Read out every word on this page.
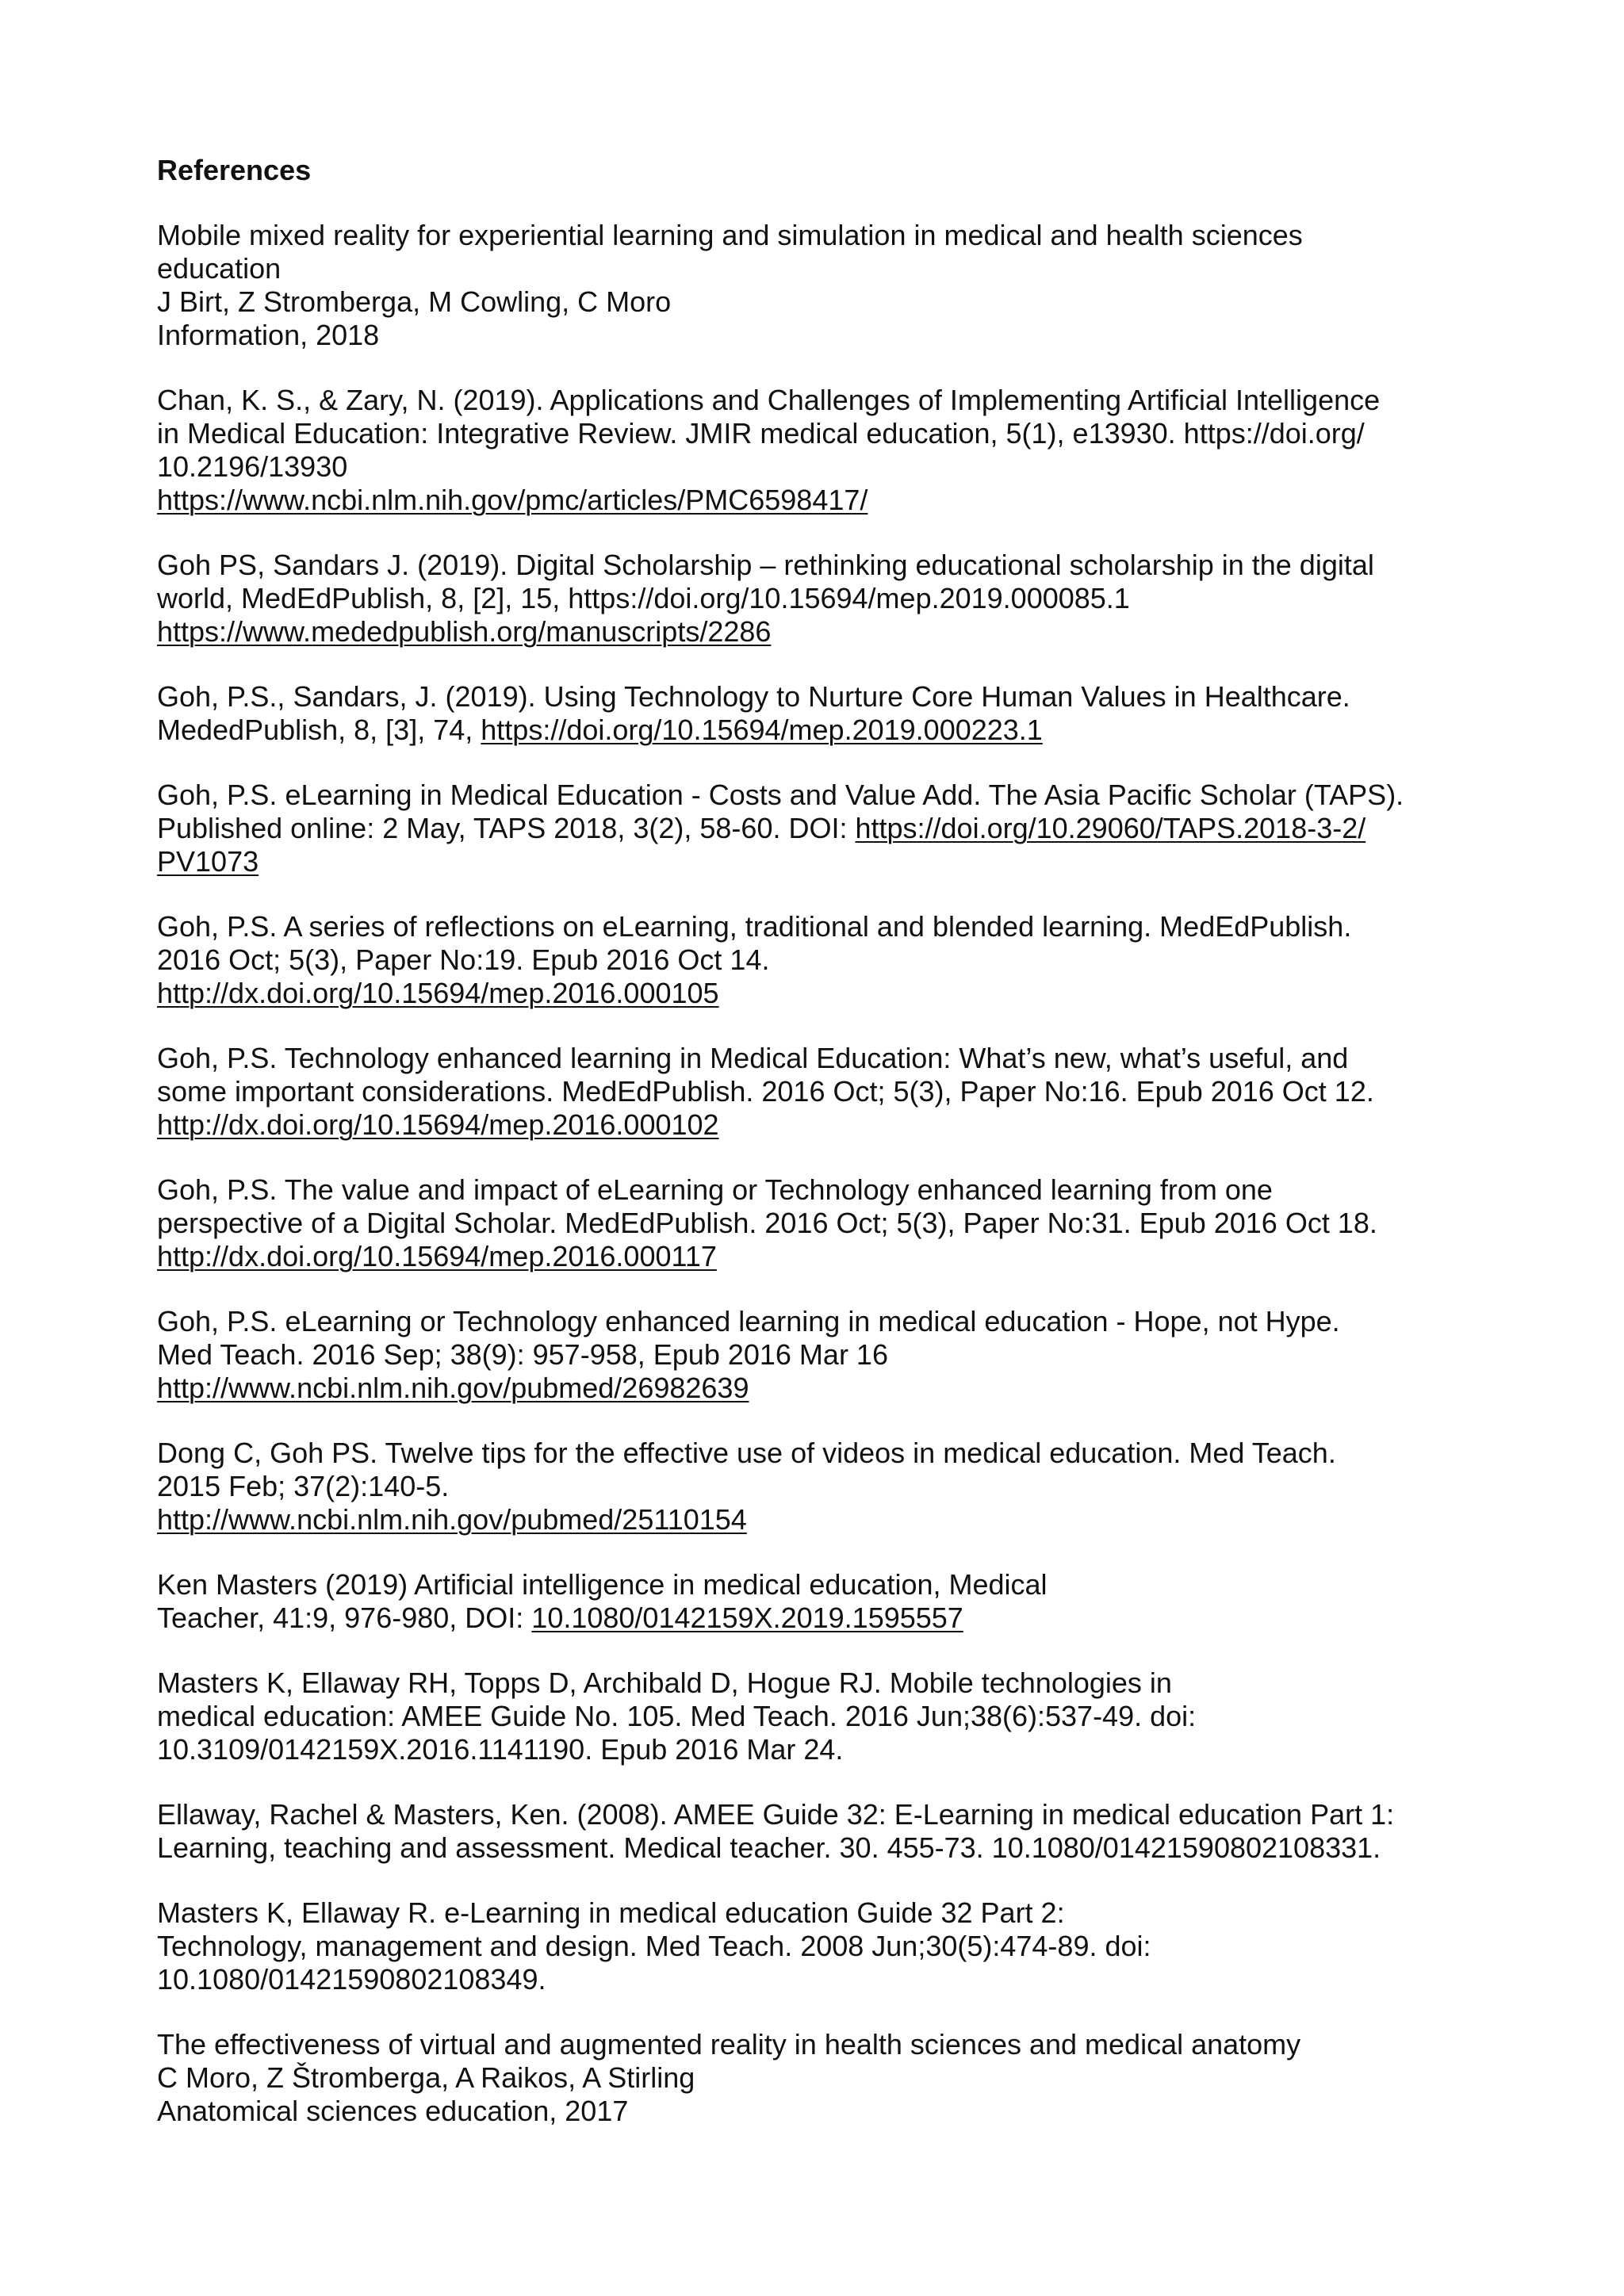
References
Mobile mixed reality for experiential learning and simulation in medical and health sciences
education
J Birt, Z Stromberga, M Cowling, C Moro
Information, 2018
Chan, K. S., & Zary, N. (2019). Applications and Challenges of Implementing Artificial Intelligence
in Medical Education: Integrative Review. JMIR medical education, 5(1), e13930. https://doi.org/
10.2196/13930
https://www.ncbi.nlm.nih.gov/pmc/articles/PMC6598417/
Goh PS, Sandars J. (2019). Digital Scholarship – rethinking educational scholarship in the digital
world, MedEdPublish, 8, [2], 15, https://doi.org/10.15694/mep.2019.000085.1
https://www.mededpublish.org/manuscripts/2286
Goh, P.S., Sandars, J. (2019). Using Technology to Nurture Core Human Values in Healthcare.
MededPublish, 8, [3], 74, https://doi.org/10.15694/mep.2019.000223.1
Goh, P.S. eLearning in Medical Education - Costs and Value Add. The Asia Pacific Scholar (TAPS).
Published online: 2 May, TAPS 2018, 3(2), 58-60. DOI: https://doi.org/10.29060/TAPS.2018-3-2/
PV1073
Goh, P.S. A series of reflections on eLearning, traditional and blended learning. MedEdPublish.
2016 Oct; 5(3), Paper No:19. Epub 2016 Oct 14.
http://dx.doi.org/10.15694/mep.2016.000105
Goh, P.S. Technology enhanced learning in Medical Education: What’s new, what’s useful, and
some important considerations. MedEdPublish. 2016 Oct; 5(3), Paper No:16. Epub 2016 Oct 12.
http://dx.doi.org/10.15694/mep.2016.000102
Goh, P.S. The value and impact of eLearning or Technology enhanced learning from one
perspective of a Digital Scholar. MedEdPublish. 2016 Oct; 5(3), Paper No:31. Epub 2016 Oct 18.
http://dx.doi.org/10.15694/mep.2016.000117
Goh, P.S. eLearning or Technology enhanced learning in medical education - Hope, not Hype.
Med Teach. 2016 Sep; 38(9): 957-958, Epub 2016 Mar 16
http://www.ncbi.nlm.nih.gov/pubmed/26982639
Dong C, Goh PS. Twelve tips for the effective use of videos in medical education. Med Teach.
2015 Feb; 37(2):140-5.
http://www.ncbi.nlm.nih.gov/pubmed/25110154
Ken Masters (2019) Artificial intelligence in medical education, Medical
Teacher, 41:9, 976-980, DOI: 10.1080/0142159X.2019.1595557
Masters K, Ellaway RH, Topps D, Archibald D, Hogue RJ. Mobile technologies in
medical education: AMEE Guide No. 105. Med Teach. 2016 Jun;38(6):537-49. doi:
10.3109/0142159X.2016.1141190. Epub 2016 Mar 24.
Ellaway, Rachel & Masters, Ken. (2008). AMEE Guide 32: E-Learning in medical education Part 1:
Learning, teaching and assessment. Medical teacher. 30. 455-73. 10.1080/01421590802108331.
Masters K, Ellaway R. e-Learning in medical education Guide 32 Part 2:
Technology, management and design. Med Teach. 2008 Jun;30(5):474-89. doi:
10.1080/01421590802108349.
The effectiveness of virtual and augmented reality in health sciences and medical anatomy
C Moro, Z Štromberga, A Raikos, A Stirling
Anatomical sciences education, 2017
